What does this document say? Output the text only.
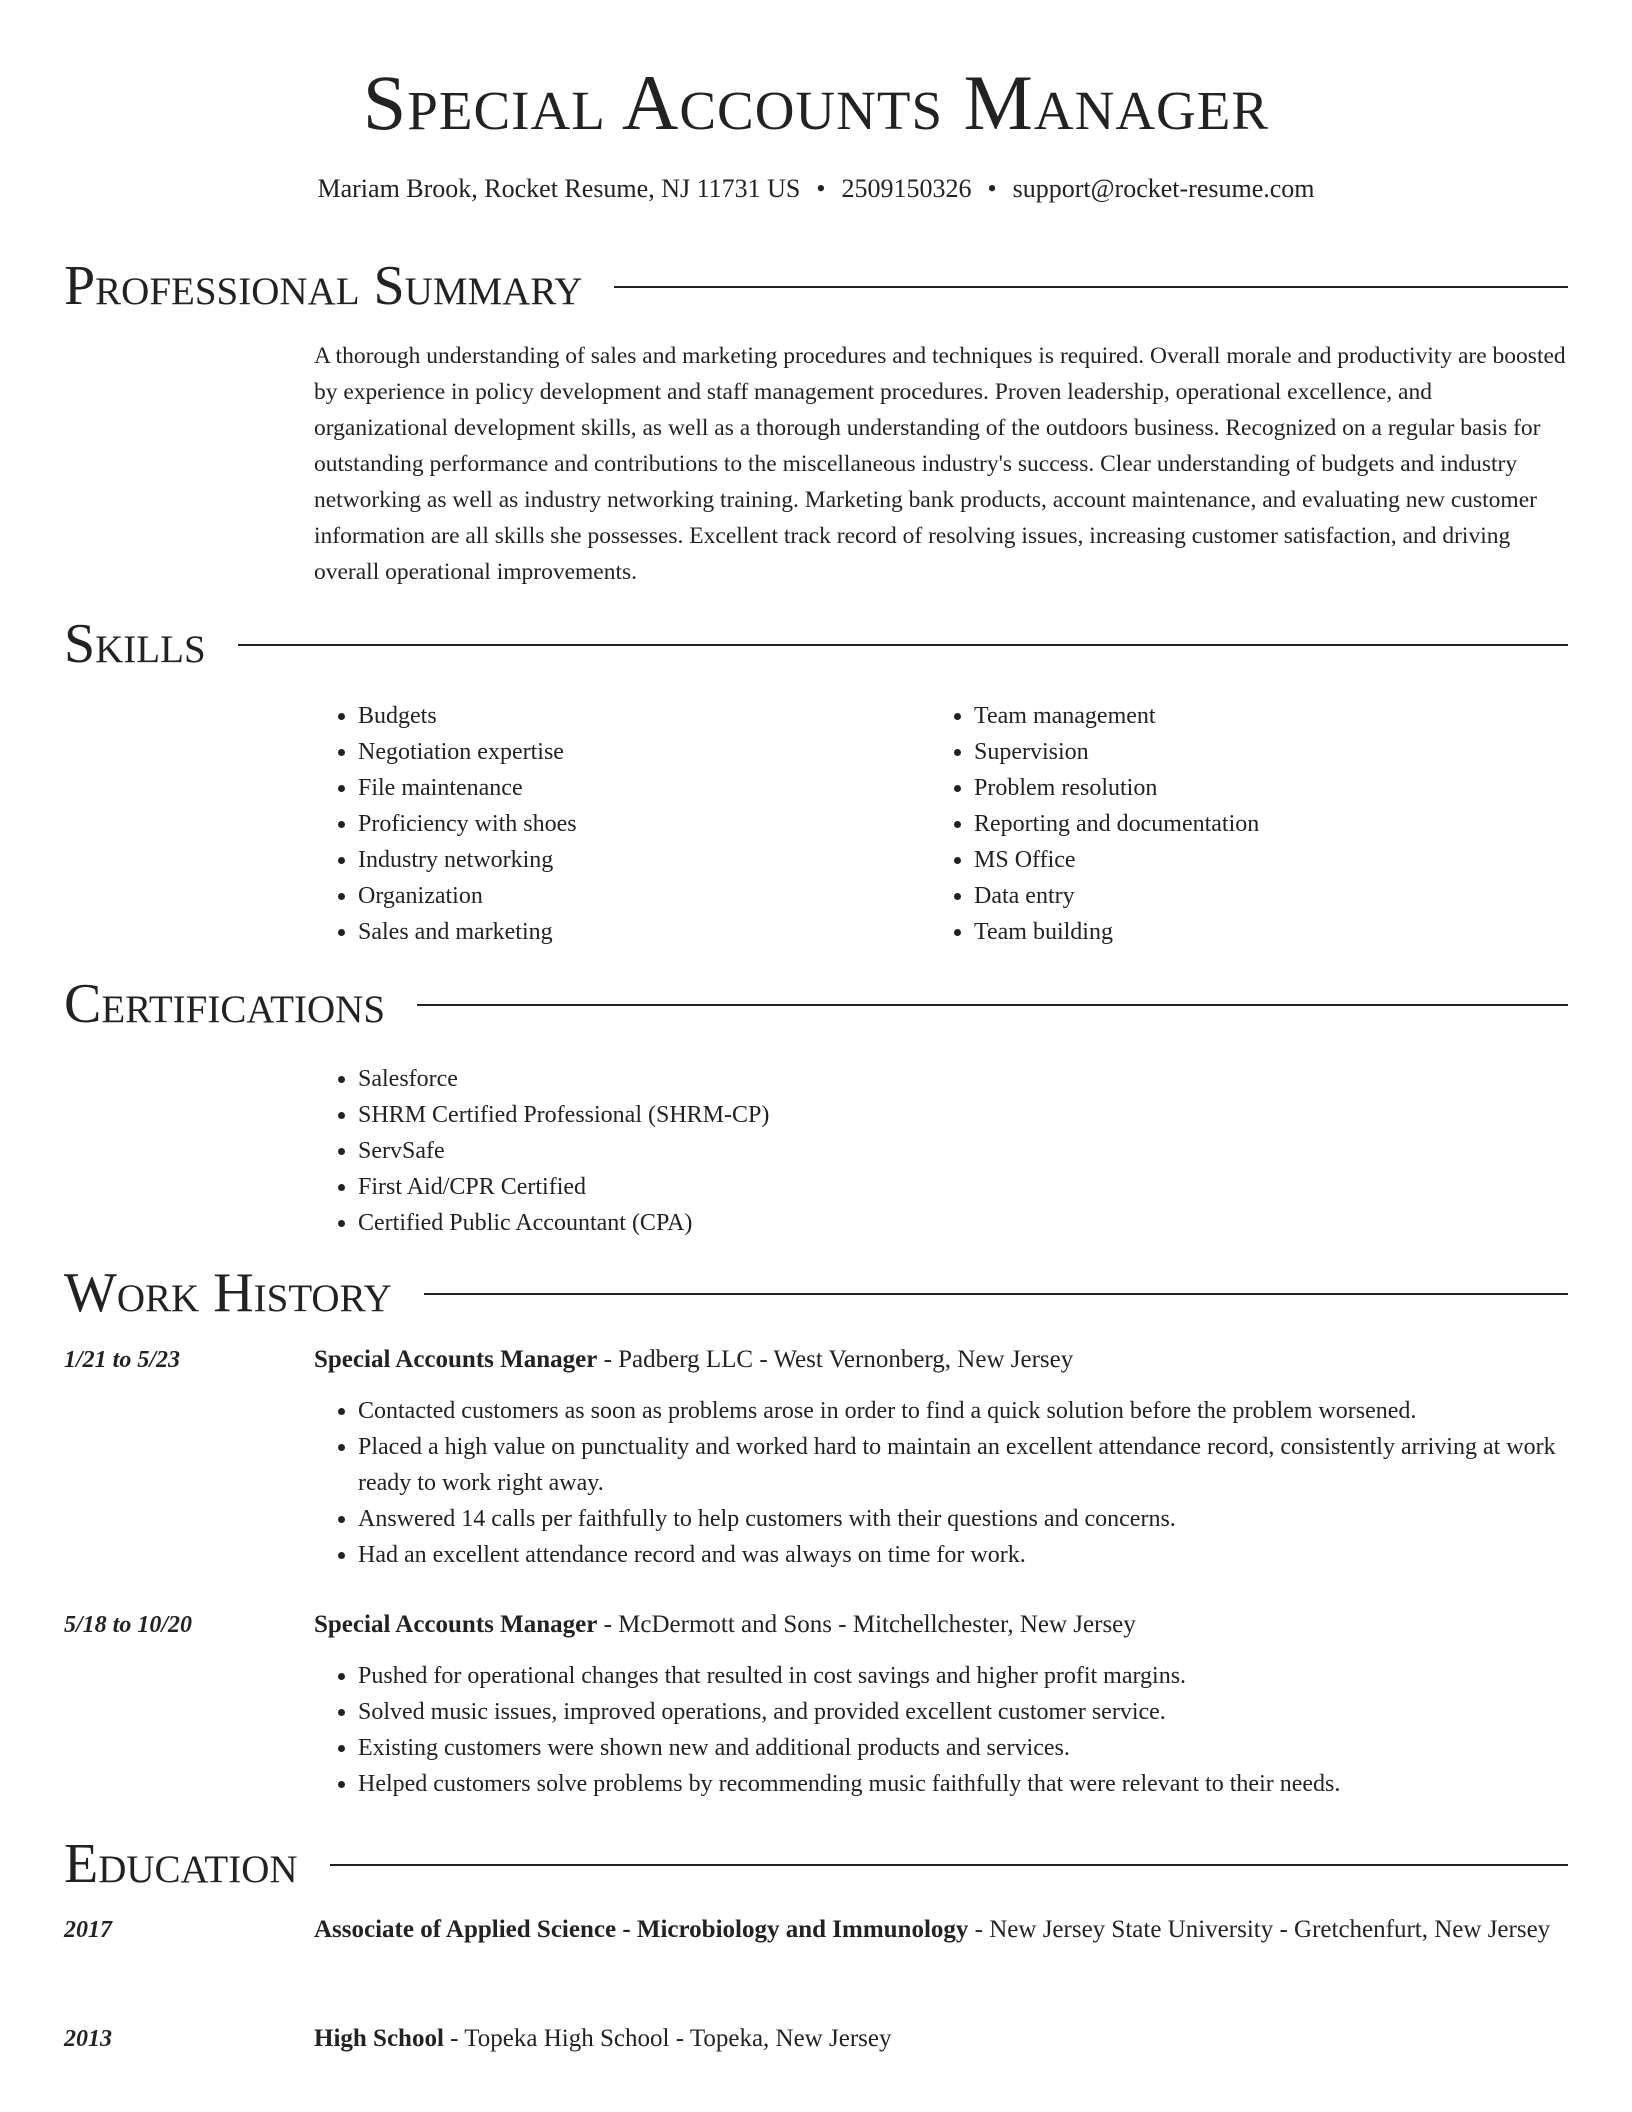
Special Accounts Manager
Mariam Brook, Rocket Resume, NJ 11731 US • 2509150326 • support@rocket-resume.com
Professional Summary
A thorough understanding of sales and marketing procedures and techniques is required. Overall morale and productivity are boosted by experience in policy development and staff management procedures. Proven leadership, operational excellence, and organizational development skills, as well as a thorough understanding of the outdoors business. Recognized on a regular basis for outstanding performance and contributions to the miscellaneous industry's success. Clear understanding of budgets and industry networking as well as industry networking training. Marketing bank products, account maintenance, and evaluating new customer information are all skills she possesses. Excellent track record of resolving issues, increasing customer satisfaction, and driving overall operational improvements.
Skills
• Budgets
• Negotiation expertise
• File maintenance
• Proficiency with shoes
• Industry networking
• Organization
• Sales and marketing
• Team management
• Supervision
• Problem resolution
• Reporting and documentation
• MS Office
• Data entry
• Team building
Certifications
• Salesforce
• SHRM Certified Professional (SHRM-CP)
• ServSafe
• First Aid/CPR Certified
• Certified Public Accountant (CPA)
Work History
1/21 to 5/23	Special Accounts Manager - Padberg LLC - West Vernonberg, New Jersey
• Contacted customers as soon as problems arose in order to find a quick solution before the problem worsened.
• Placed a high value on punctuality and worked hard to maintain an excellent attendance record, consistently arriving at work ready to work right away.
• Answered 14 calls per faithfully to help customers with their questions and concerns.
• Had an excellent attendance record and was always on time for work.
5/18 to 10/20	Special Accounts Manager - McDermott and Sons - Mitchellchester, New Jersey
• Pushed for operational changes that resulted in cost savings and higher profit margins.
• Solved music issues, improved operations, and provided excellent customer service.
• Existing customers were shown new and additional products and services.
• Helped customers solve problems by recommending music faithfully that were relevant to their needs.
Education
2017	Associate of Applied Science - Microbiology and Immunology - New Jersey State University - Gretchenfurt, New Jersey
2013	High School - Topeka High School - Topeka, New Jersey
